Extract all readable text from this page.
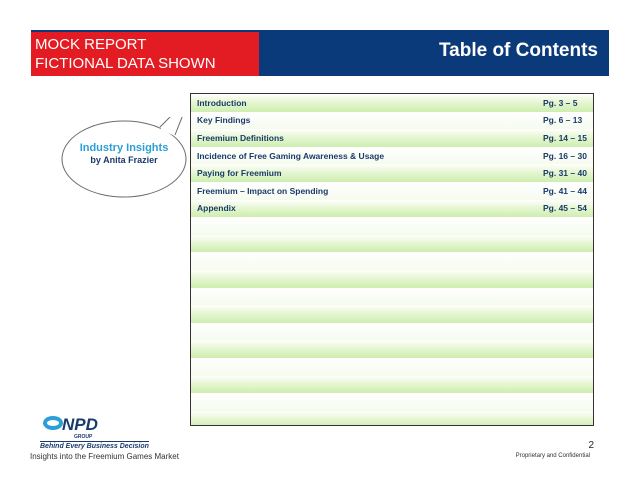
MOCK REPORT
FICTIONAL DATA SHOWN
Table of Contents
Industry Insights
by Anita Frazier
Introduction	Pg. 3 – 5
Key Findings	Pg. 6 – 13
Freemium Definitions	Pg. 14 – 15
Incidence of Free Gaming Awareness & Usage	Pg. 16 – 30
Paying for Freemium	Pg. 31 – 40
Freemium – Impact on Spending	Pg. 41 – 44
Appendix	Pg. 45 – 54
NPD
GROUP
Behind Every Business Decision	2
Insights into the Freemium Games Market	Proprietary and Confidential
